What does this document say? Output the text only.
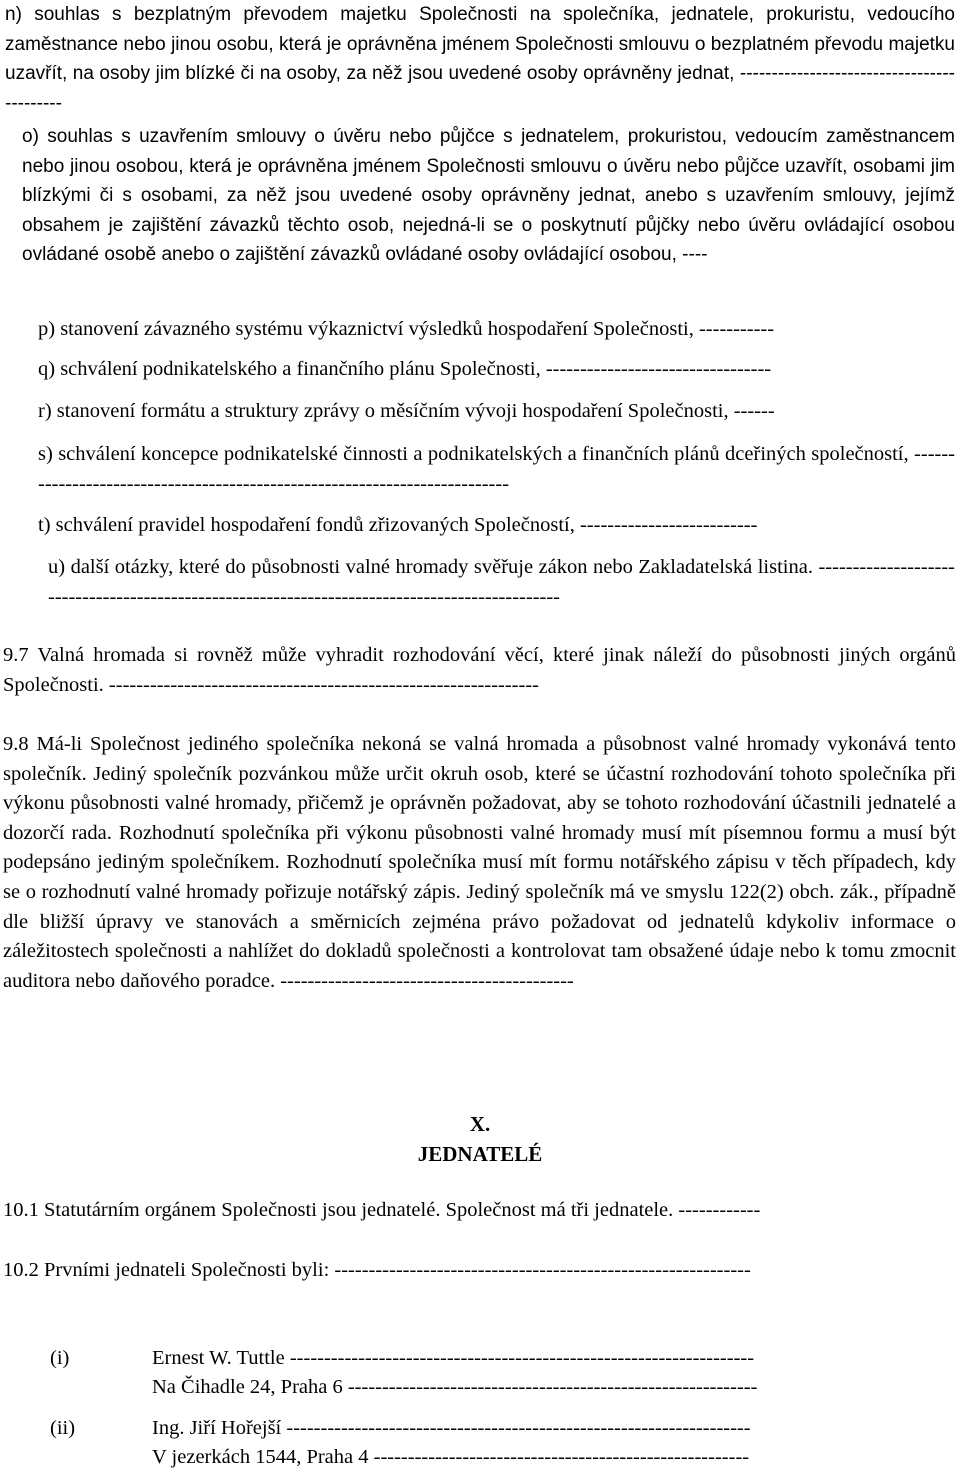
n) souhlas s bezplatným převodem majetku Společnosti na společníka, jednatele, prokuristu, vedoucího zaměstnance nebo jinou osobu, která je oprávněna jménem Společnosti smlouvu o bezplatném převodu majetku uzavřít, na osoby jim blízké či na osoby, za něž jsou uvedené osoby oprávněny jednat, -------------------------------------------

o) souhlas s uzavřením smlouvy o úvěru nebo půjčce s jednatelem, prokuristou, vedoucím zaměstnancem nebo jinou osobou, která je oprávněna jménem Společnosti smlouvu o úvěru nebo půjčce uzavřít, osobami jim blízkými či s osobami, za něž jsou uvedené osoby oprávněny jednat, anebo s uzavřením smlouvy, jejímž obsahem je zajištění závazků těchto osob, nejedná-li se o poskytnutí půjčky nebo úvěru ovládající osobou ovládané osobě anebo o zajištění závazků ovládané osoby ovládající osobou, ----

p) stanovení závazného systému výkaznictví výsledků hospodaření Společnosti, -----------

q) schválení podnikatelského a finančního plánu Společnosti, ---------------------------------

r) stanovení formátu a struktury zprávy o měsíčním vývoji hospodaření Společnosti, ------

s) schválení koncepce podnikatelské činnosti a podnikatelských a finančních plánů dceřiných společností, ---------------------------------------------------------------------------

t) schválení pravidel hospodaření fondů zřizovaných Společností, --------------------------

u) další otázky, které do působnosti valné hromady svěřuje zákon nebo Zakladatelská listina. -----------------------------------------------------------------------------------------------

9.7 Valná hromada si rovněž může vyhradit rozhodování věcí, které jinak náleží do působnosti jiných orgánů Společnosti. ---------------------------------------------------------------

9.8 Má-li Společnost jediného společníka nekoná se valná hromada a působnost valné hromady vykonává tento společník. Jediný společník pozvánkou může určit okruh osob, které se účastní rozhodování tohoto společníka při výkonu působnosti valné hromady, přičemž je oprávněn požadovat, aby se tohoto rozhodování účastnili jednatelé a dozorčí rada. Rozhodnutí společníka při výkonu působnosti valné hromady musí mít písemnou formu a musí být podepsáno jediným společníkem. Rozhodnutí společníka musí mít formu notářského zápisu v těch případech, kdy se o rozhodnutí valné hromady pořizuje notářský zápis. Jediný společník má ve smyslu 122(2) obch. zák., případně dle bližší úpravy ve stanovách a směrnicích zejména právo požadovat od jednatelů kdykoliv informace o záležitostech společnosti a nahlížet do dokladů společnosti a kontrolovat tam obsažené údaje nebo k tomu zmocnit auditora nebo daňového poradce. -------------------------------------------

X.

JEDNATELÉ

10.1 Statutárním orgánem Společnosti jsou jednatelé. Společnost má tři jednatele. ------------

10.2 Prvními jednateli Společnosti byli: -------------------------------------------------------------

(i)	Ernest W. Tuttle --------------------------------------------------------------------

Na Čihadle 24, Praha 6 ------------------------------------------------------------

(ii)	Ing. Jiří Hořejší --------------------------------------------------------------------

V jezerkách 1544, Praha 4 -------------------------------------------------------
